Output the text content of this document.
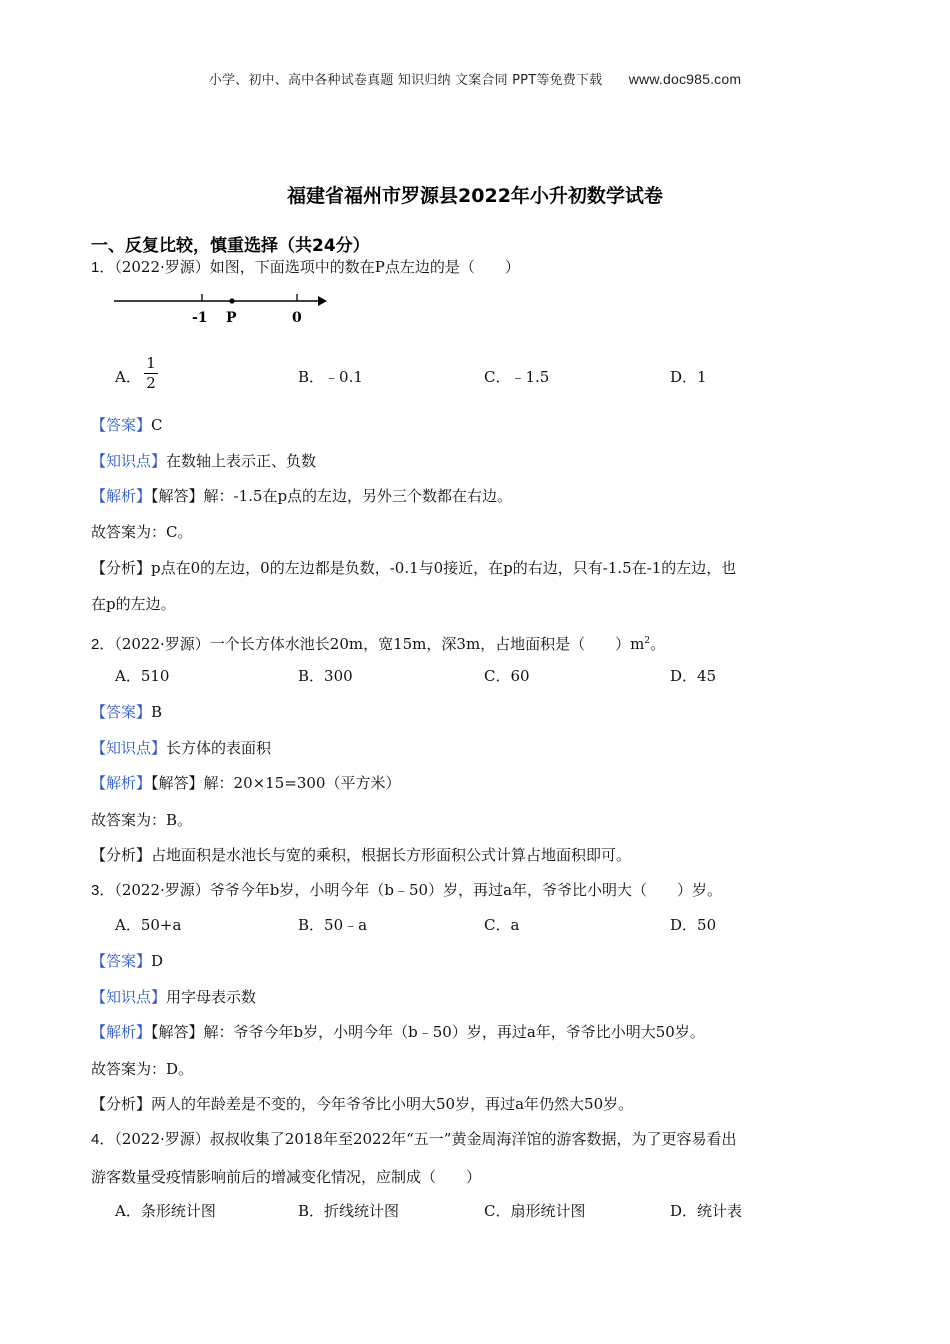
小学、初中、高中各种试卷真题 知识归纳 文案合同 PPT等免费下载 www.doc985.com
福建省福州市罗源县2022年小升初数学试卷
一、反复比较，慎重选择（共24分）
1．（2022·罗源）如图，下面选项中的数在P点左边的是（　　）
-1 P	0
A．
1
2	B．﹣0.1	C．﹣1.5	D．1
【答案】C
【知识点】在数轴上表示正、负数
【解析】【解答】解：-1.5在p点的左边，另外三个数都在右边。
故答案为：C。
【分析】p点在0的左边，0的左边都是负数，-0.1与0接近，在p的右边，只有-1.5在-1的左边，也
在p的左边。
2．（2022·罗源）一个长方体水池长20m，宽15m，深3m，占地面积是（　　）$m^2$。
A．510	B．300	C．60	D．45
【答案】B
【知识点】长方体的表面积
【解析】【解答】解：20×15=300（平方米）
故答案为：B。
【分析】占地面积是水池长与宽的乘积，根据长方形面积公式计算占地面积即可。
3．（2022·罗源）爷爷今年b岁，小明今年（b﹣50）岁，再过a年，爷爷比小明大（　　）岁。
A．50+a	B．50﹣a	C．a	D．50
【答案】D
【知识点】用字母表示数
【解析】【解答】解：爷爷今年b岁，小明今年（b﹣50）岁，再过a年，爷爷比小明大50岁。
故答案为：D。
【分析】两人的年龄差是不变的，今年爷爷比小明大50岁，再过a年仍然大50岁。
4．（2022·罗源）叔叔收集了2018年至2022年“五一”黄金周海洋馆的游客数据，为了更容易看出
游客数量受疫情影响前后的增减变化情况，应制成（　　）
A．条形统计图	B．折线统计图	C．扇形统计图	D．统计表
